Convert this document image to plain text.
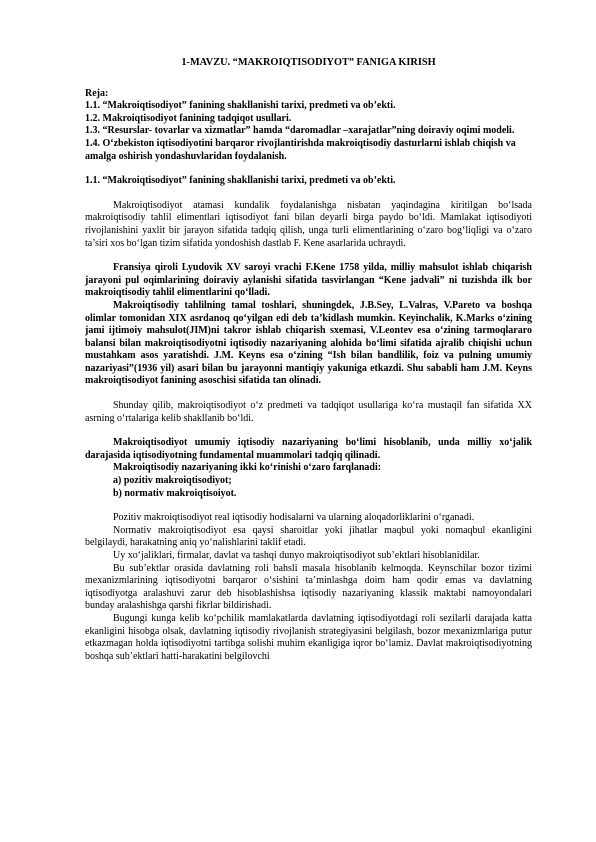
1-MAVZU. “MAKROIQTISODIYOT” FANIGA KIRISH

Reja:

1.1. “Makroiqtisodiyot” fanining shakllanishi tarixi, predmeti va ob’ekti.

1.2. Makroiqtisodiyot fanining tadqiqot usullari.

1.3. “Resurslar- tovarlar va xizmatlar” hamda “daromadlar –xarajatlar”ning doiraviy oqimi modeli.

1.4. O‘zbekiston iqtisodiyotini barqaror rivojlantirishda makroiqtisodiy dasturlarni ishlab chiqish va amalga oshirish yondashuvlaridan foydalanish.

1.1. “Makroiqtisodiyot” fanining shakllanishi tarixi, predmeti va ob’ekti.

Makroiqtisodiyot atamasi kundalik foydalanishga nisbatan yaqindagina kiritilgan bo‘lsada makroiqtisodiy tahlil elimentlari iqtisodiyot fani bilan deyarli birga paydo bo‘ldi. Mamlakat iqtisodiyoti rivojlanishini yaxlit bir jarayon sifatida tadqiq qilish, unga turli elimentlarining o‘zaro bog‘liqligi va o‘zaro ta’siri xos bo‘lgan tizim sifatida yondoshish dastlab F. Kene asarlarida uchraydi.

Fransiya qiroli Lyudovik XV saroyi vrachi F.Kene 1758 yilda, milliy mahsulot ishlab chiqarish jarayoni pul oqimlarining doiraviy aylanishi sifatida tasvirlangan “Kene jadvali” ni tuzishda ilk bor makroiqtisodiy tahlil elimentlarini qo‘lladi.

Makroiqtisodiy tahlilning tamal toshlari, shuningdek, J.B.Sey, L.Valras, V.Pareto va boshqa olimlar tomonidan XIX asrdanoq qo‘yilgan edi deb ta’kidlash mumkin. Keyinchalik, K.Marks o‘zining jami ijtimoiy mahsulot(JIM)ni takror ishlab chiqarish sxemasi, V.Leontev esa o‘zining tarmoqlararo balansi bilan makroiqtisodiyotni iqtisodiy nazariyaning alohida bo‘limi sifatida ajralib chiqishi uchun mustahkam asos yaratishdi. J.M. Keyns esa o‘zining “Ish bilan bandlilik, foiz va pulning umumiy nazariyasi”(1936 yil) asari bilan bu jarayonni mantiqiy yakuniga etkazdi. Shu sababli ham J.M. Keyns makroiqtisodiyot fanining asoschisi sifatida tan olinadi.

Shunday qilib, makroiqtisodiyot o‘z predmeti va tadqiqot usullariga ko‘ra mustaqil fan sifatida XX asrning o‘rtalariga kelib shakllanib bo‘ldi.

Makroiqtisodiyot umumiy iqtisodiy nazariyaning bo‘limi hisoblanib, unda milliy xo‘jalik darajasida iqtisodiyotning fundamental muammolari tadqiq qilinadi.

Makroiqtisodiy nazariyaning ikki ko‘rinishi o‘zaro farqlanadi:

a) pozitiv makroiqtisodiyot;

b) normativ makroiqtisoiyot.

Pozitiv makroiqtisodiyot real iqtisodiy hodisalarni va ularning aloqadorliklarini o‘rganadi.

Normativ makroiqtisodiyot esa qaysi sharoitlar yoki jihatlar maqbul yoki nomaqbul ekanligini belgilaydi, harakatning aniq yo‘nalishlarini taklif etadi.

Uy xo‘jaliklari, firmalar, davlat va tashqi dunyo makroiqtisodiyot sub’ektlari hisoblanidilar.

Bu sub’ektlar orasida davlatning roli bahsli masala hisoblanib kelmoqda. Keynschilar bozor tizimi mexanizmlarining iqtisodiyotni barqaror o‘sishini ta’minlashga doim ham qodir emas va davlatning iqtisodiyotga aralashuvi zarur deb hisoblashishsa iqtisodiy nazariyaning klassik maktabi namoyondalari bunday aralashishga qarshi fikrlar bildirishadi.

Bugungi kunga kelib ko‘pchilik mamlakatlarda davlatning iqtisodiyotdagi roli sezilarli darajada katta ekanligini hisobga olsak, davlatning iqtisodiy rivojlanish strategiyasini belgilash, bozor mexanizmlariga putur etkazmagan holda iqtisodiyotni tartibga solishi muhim ekanligiga iqror bo‘lamiz. Davlat makroiqtisodiyotning boshqa sub’ektlari hatti-harakatini belgilovchi
